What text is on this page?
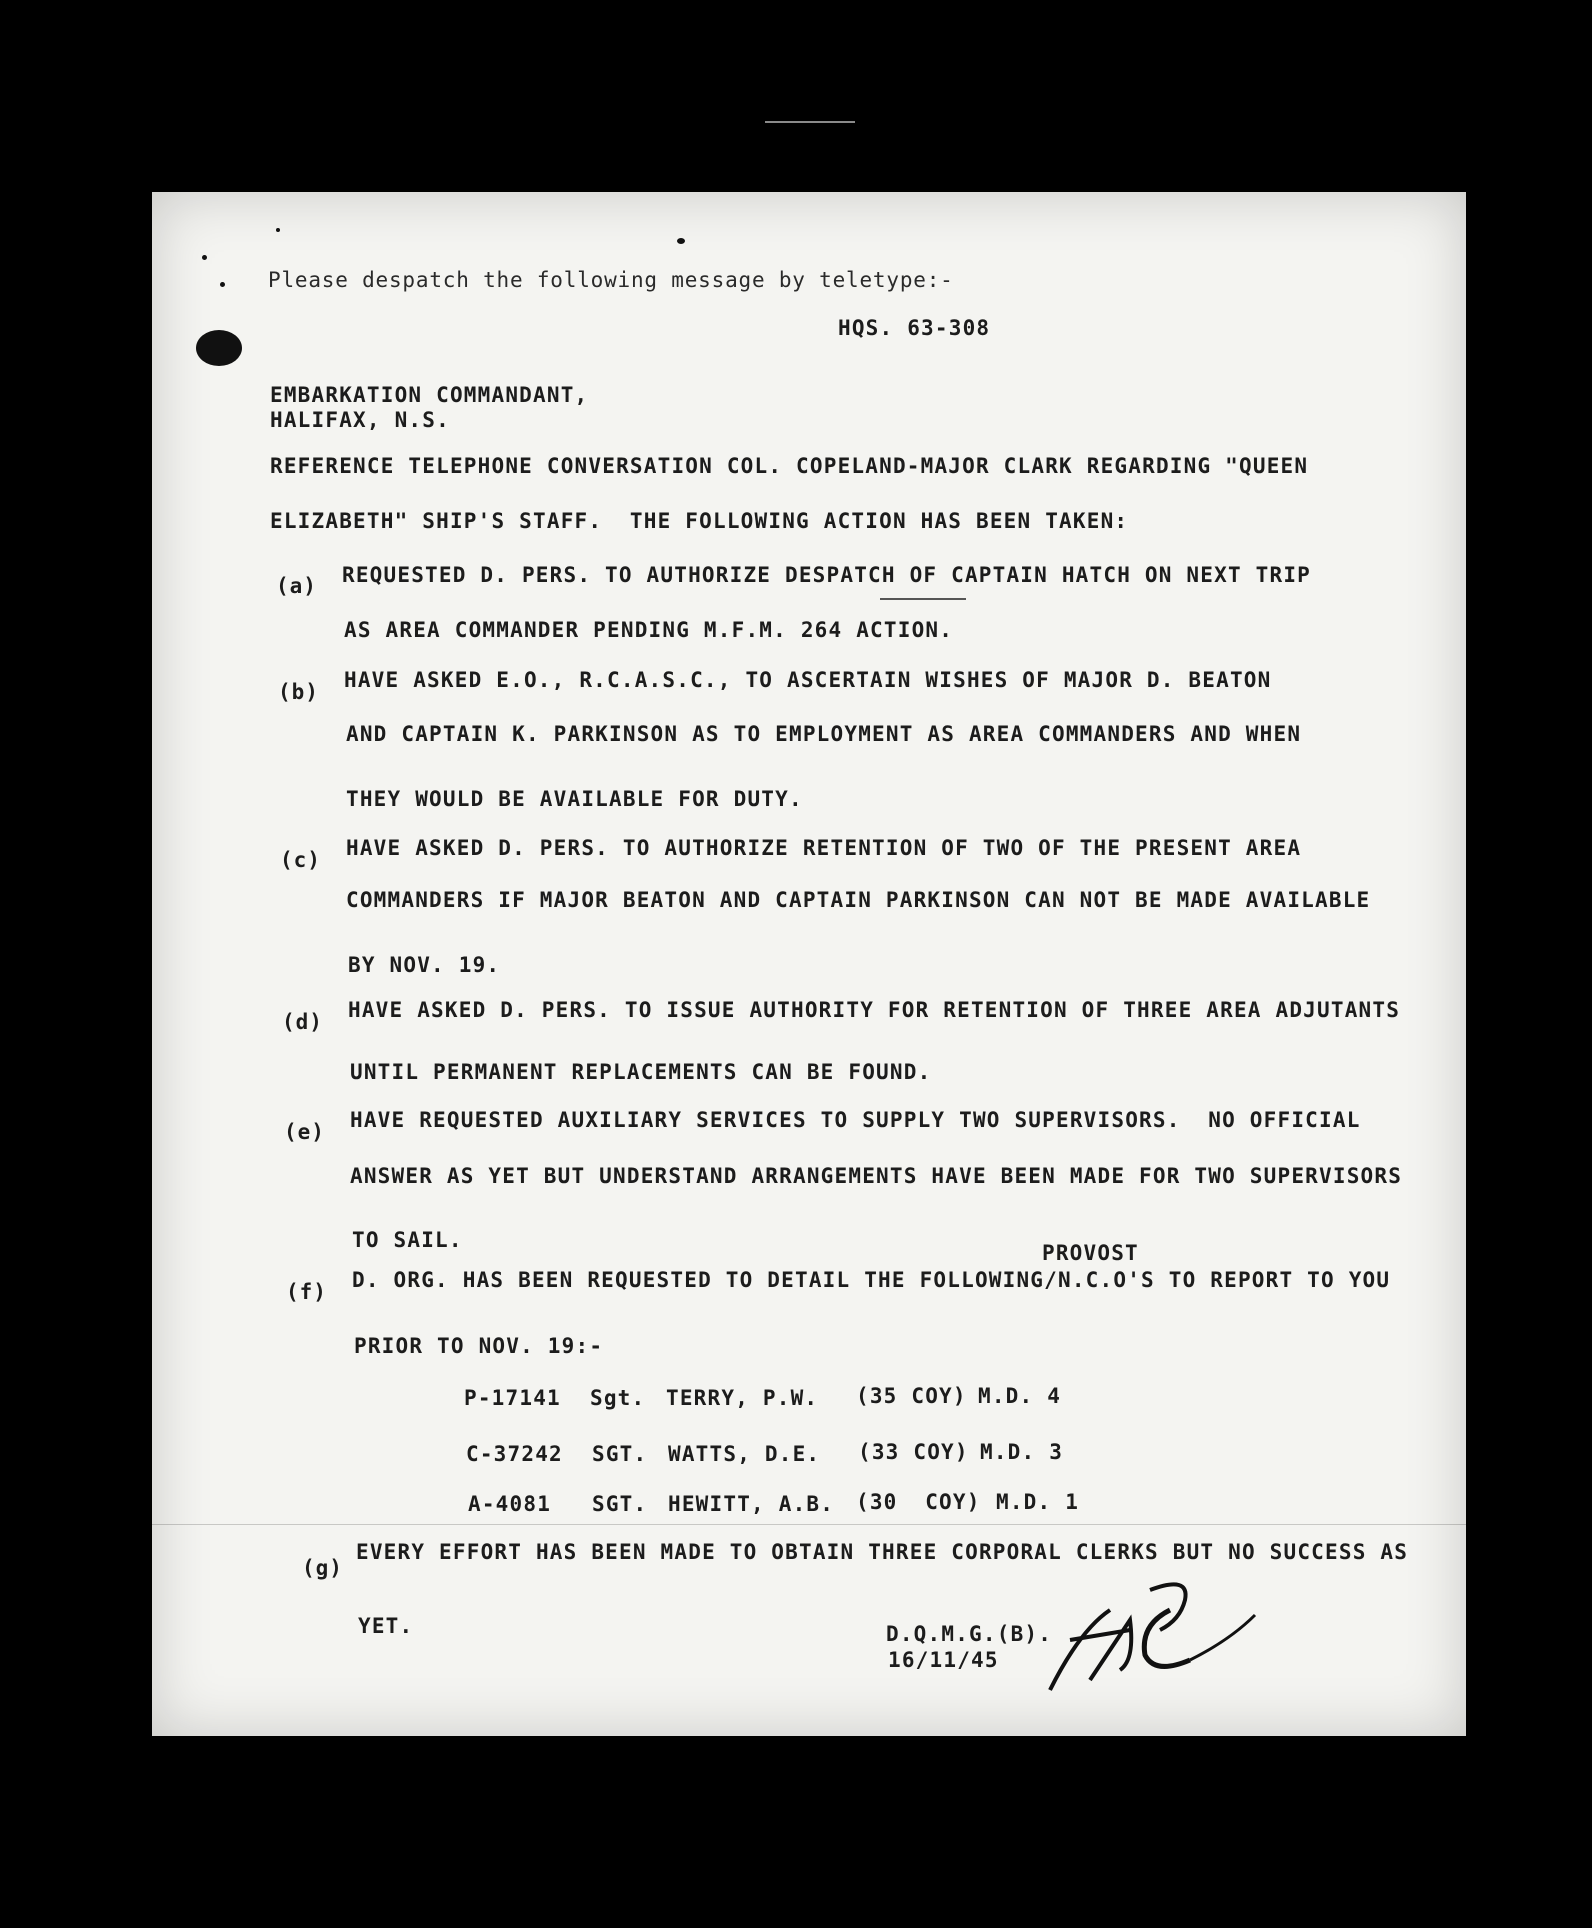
Please despatch the following message by teletype:-
HQS. 63-308
EMBARKATION COMMANDANT,
HALIFAX, N.S.
REFERENCE TELEPHONE CONVERSATION COL. COPELAND-MAJOR CLARK REGARDING "QUEEN
ELIZABETH" SHIP'S STAFF.  THE FOLLOWING ACTION HAS BEEN TAKEN:
(a) REQUESTED D. PERS. TO AUTHORIZE DESPATCH OF CAPTAIN HATCH ON NEXT TRIP
AS AREA COMMANDER PENDING M.F.M. 264 ACTION.
(b) HAVE ASKED E.O., R.C.A.S.C., TO ASCERTAIN WISHES OF MAJOR D. BEATON
AND CAPTAIN K. PARKINSON AS TO EMPLOYMENT AS AREA COMMANDERS AND WHEN
THEY WOULD BE AVAILABLE FOR DUTY.
(c) HAVE ASKED D. PERS. TO AUTHORIZE RETENTION OF TWO OF THE PRESENT AREA
COMMANDERS IF MAJOR BEATON AND CAPTAIN PARKINSON CAN NOT BE MADE AVAILABLE
BY NOV. 19.
(d) HAVE ASKED D. PERS. TO ISSUE AUTHORITY FOR RETENTION OF THREE AREA ADJUTANTS
UNTIL PERMANENT REPLACEMENTS CAN BE FOUND.
(e) HAVE REQUESTED AUXILIARY SERVICES TO SUPPLY TWO SUPERVISORS.  NO OFFICIAL
ANSWER AS YET BUT UNDERSTAND ARRANGEMENTS HAVE BEEN MADE FOR TWO SUPERVISORS
TO SAIL.
PROVOST
(f) D. ORG. HAS BEEN REQUESTED TO DETAIL THE FOLLOWING/N.C.O'S TO REPORT TO YOU
PRIOR TO NOV. 19:-
P-17141 Sgt. TERRY, P.W. (35 COY) M.D. 4
C-37242 SGT. WATTS, D.E. (33 COY) M.D. 3
A-4081 SGT. HEWITT, A.B. (30  COY) M.D. 1
(g)
EVERY EFFORT HAS BEEN MADE TO OBTAIN THREE CORPORAL CLERKS BUT NO SUCCESS AS
YET.	D.Q.M.G.(B).
16/11/45
